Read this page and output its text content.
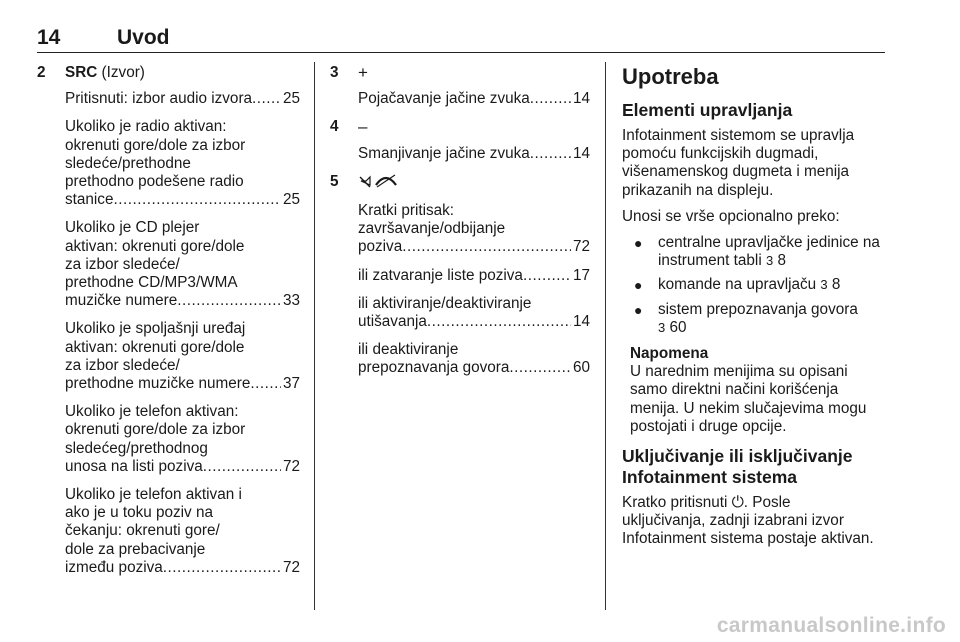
14	Uvod
2 SRC (Izvor)
Pritisnuti: izbor audio izvora ..... 25
Ukoliko je radio aktivan:
okrenuti gore/dole za izbor
sledeće/prethodne
prethodno podešene radio
stanice .....	25
Ukoliko je CD plejer
aktivan: okrenuti gore/dole
za izbor sledeće/
prethodne CD/MP3/WMA
muzičke numere .....	33
Ukoliko je spoljašnji uređaj
aktivan: okrenuti gore/dole
za izbor sledeće/
prethodne muzičke numere ..... 37
Ukoliko je telefon aktivan:
okrenuti gore/dole za izbor
sledećeg/prethodnog
unosa na listi poziva .....	72
Ukoliko je telefon aktivan i
ako je u toku poziv na
čekanju: okrenuti gore/
dole za prebacivanje
između poziva .....	72
3 +
Pojačavanje jačine zvuka .....	14
4 –
Smanjivanje jačine zvuka .....	14
5
Kratki pritisak:
završavanje/odbijanje
poziva .....	72
ili zatvaranje liste poziva .....	17
ili aktiviranje/deaktiviranje
utišavanja .....	14
ili deaktiviranje
prepoznavanja govora .....	60
Upotreba
Elementi upravljanja
Infotainment sistemom se upravlja
pomoću funkcijskih dugmadi,
višenamenskog dugmeta i menija
prikazanih na displeju.
Unosi se vrše opcionalno preko:
● centralne upravljačke jedinice na
instrument tabli 3 8
● komande na upravljaču 3 8
● sistem prepoznavanja govora
3 60
Napomena
U narednim menijima su opisani
samo direktni načini korišćenja
menija. U nekim slučajevima mogu
postojati i druge opcije.
Uključivanje ili isključivanje
Infotainment sistema
Kratko pritisnuti ⏻. Posle
uključivanja, zadnji izabrani izvor
Infotainment sistema postaje aktivan.
carmanualsonline.info
